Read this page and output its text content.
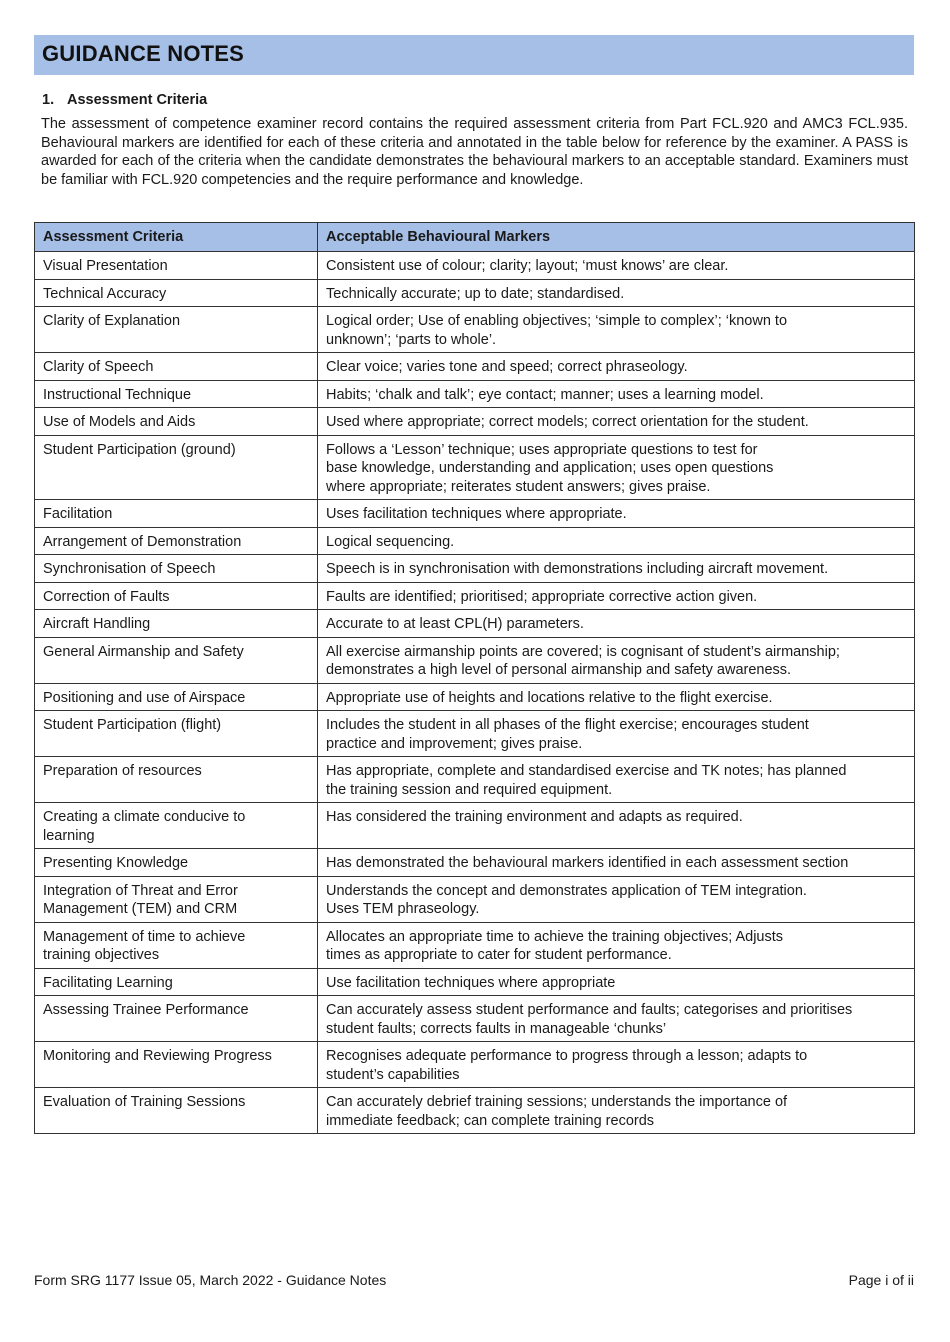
GUIDANCE NOTES
1. Assessment Criteria

The assessment of competence examiner record contains the required assessment criteria from Part FCL.920 and AMC3 FCL.935. Behavioural markers are identified for each of these criteria and annotated in the table below for reference by the examiner. A PASS is awarded for each of the criteria when the candidate demonstrates the behavioural markers to an acceptable standard. Examiners must be familiar with FCL.920 competencies and the require performance and knowledge.

Assessment Criteria	Acceptable Behavioural Markers
Visual Presentation	Consistent use of colour; clarity; layout; ‘must knows’ are clear.
Technical Accuracy	Technically accurate; up to date; standardised.
Clarity of Explanation	Logical order; Use of enabling objectives; ‘simple to complex’; ‘known to
unknown’; ‘parts to whole’.
Clarity of Speech	Clear voice; varies tone and speed; correct phraseology.
Instructional Technique	Habits; ‘chalk and talk’; eye contact; manner; uses a learning model.
Use of Models and Aids	Used where appropriate; correct models; correct orientation for the student.
Student Participation (ground)	Follows a ‘Lesson’ technique; uses appropriate questions to test for
base knowledge, understanding and application; uses open questions
where appropriate; reiterates student answers; gives praise.
Facilitation	Uses facilitation techniques where appropriate.
Arrangement of Demonstration	Logical sequencing.
Synchronisation of Speech	Speech is in synchronisation with demonstrations including aircraft movement.
Correction of Faults	Faults are identified; prioritised; appropriate corrective action given.
Aircraft Handling	Accurate to at least CPL(H) parameters.
General Airmanship and Safety	All exercise airmanship points are covered; is cognisant of student’s airmanship;
demonstrates a high level of personal airmanship and safety awareness.
Positioning and use of Airspace	Appropriate use of heights and locations relative to the flight exercise.
Student Participation (flight)	Includes the student in all phases of the flight exercise; encourages student
practice and improvement; gives praise.
Preparation of resources	Has appropriate, complete and standardised exercise and TK notes; has planned
the training session and required equipment.
Creating a climate conducive to
learning	Has considered the training environment and adapts as required.
Presenting Knowledge	Has demonstrated the behavioural markers identified in each assessment section
Integration of Threat and Error
Management (TEM) and CRM	Understands the concept and demonstrates application of TEM integration.
Uses TEM phraseology.
Management of time to achieve
training objectives	Allocates an appropriate time to achieve the training objectives; Adjusts
times as appropriate to cater for student performance.
Facilitating Learning	Use facilitation techniques where appropriate
Assessing Trainee Performance	Can accurately assess student performance and faults; categorises and prioritises
student faults; corrects faults in manageable ‘chunks’
Monitoring and Reviewing Progress	Recognises adequate performance to progress through a lesson; adapts to
student’s capabilities
Evaluation of Training Sessions	Can accurately debrief training sessions; understands the importance of
immediate feedback; can complete training records
Form SRG 1177 Issue 05, March 2022 - Guidance Notes	Page i of ii
